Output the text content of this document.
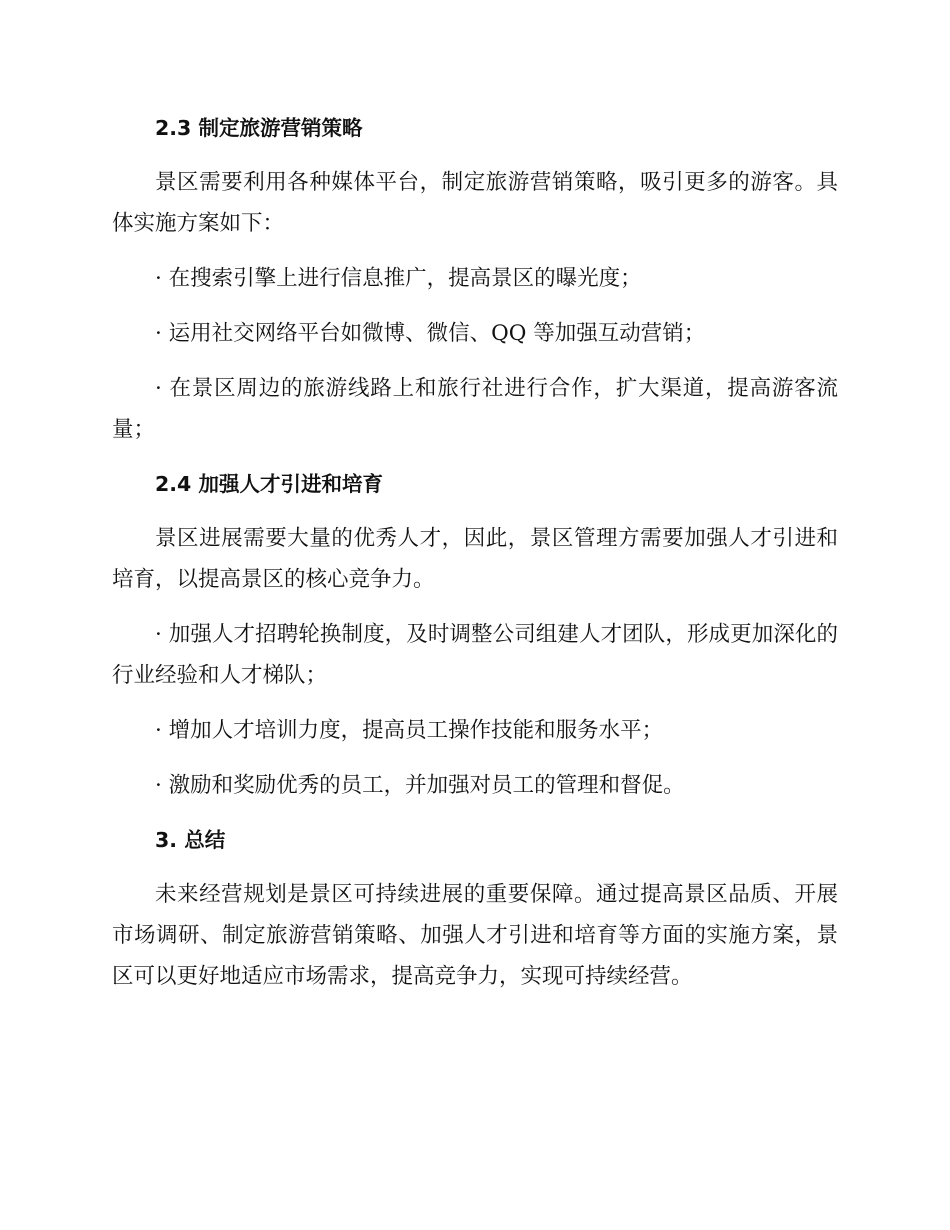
2.3 制定旅游营销策略

景区需要利用各种媒体平台，制定旅游营销策略，吸引更多的游客。具体实施方案如下：

· 在搜索引擎上进行信息推广，提高景区的曝光度；

· 运用社交网络平台如微博、微信、QQ 等加强互动营销；

· 在景区周边的旅游线路上和旅行社进行合作，扩大渠道，提高游客流量；

2.4 加强人才引进和培育

景区进展需要大量的优秀人才，因此，景区管理方需要加强人才引进和培育，以提高景区的核心竞争力。

· 加强人才招聘轮换制度，及时调整公司组建人才团队，形成更加深化的行业经验和人才梯队；

· 增加人才培训力度，提高员工操作技能和服务水平；

· 激励和奖励优秀的员工，并加强对员工的管理和督促。

3. 总结

未来经营规划是景区可持续进展的重要保障。通过提高景区品质、开展市场调研、制定旅游营销策略、加强人才引进和培育等方面的实施方案，景区可以更好地适应市场需求，提高竞争力，实现可持续经营。
